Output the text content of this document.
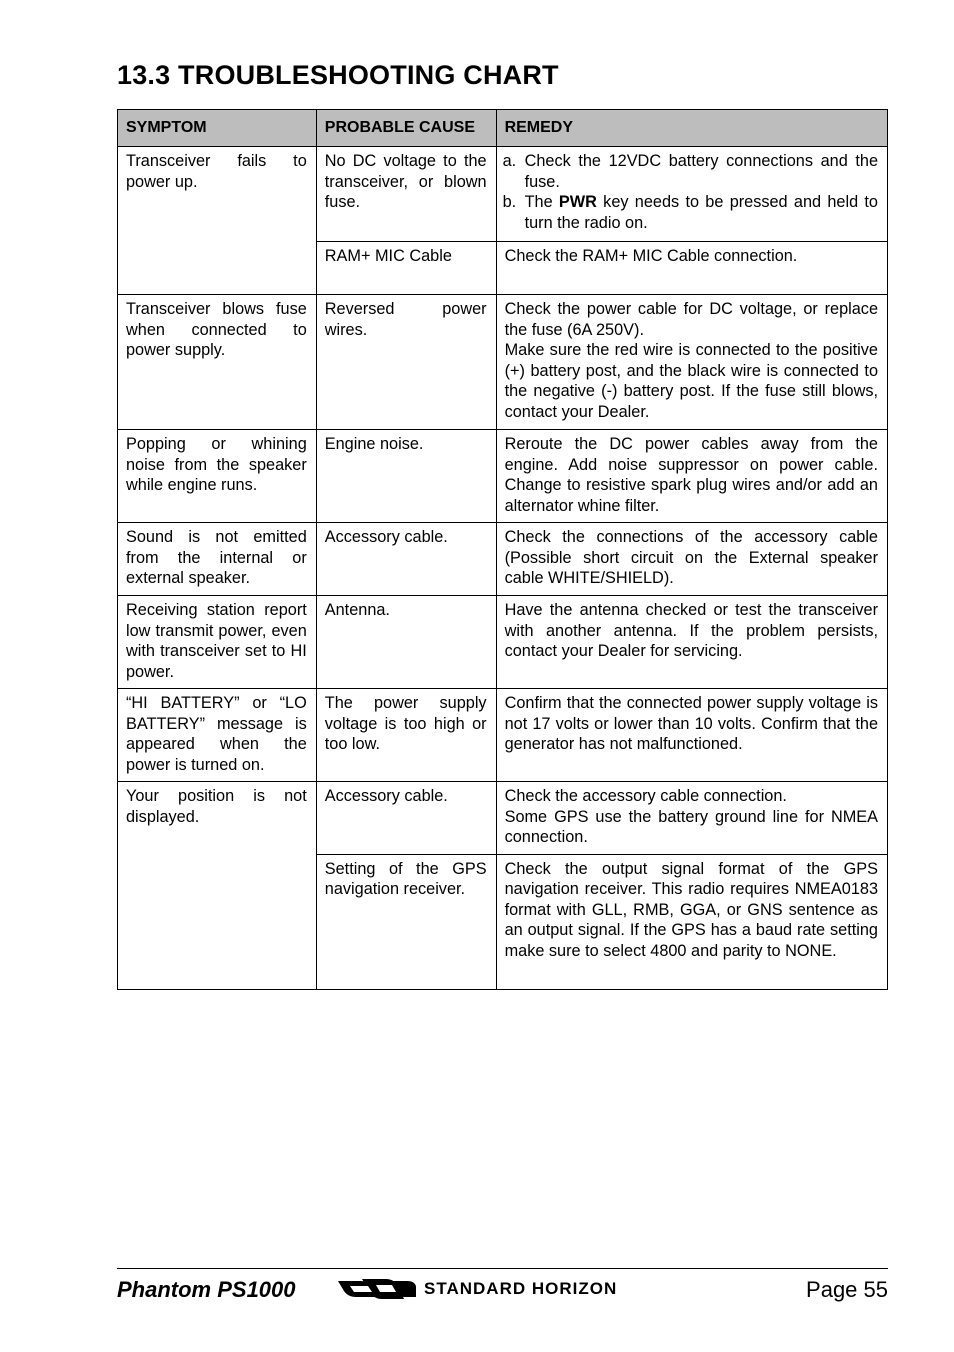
13.3 TROUBLESHOOTING CHART
SYMPTOM	PROBABLE CAUSE	REMEDY
Transceiver fails to power up.	No DC voltage to the transceiver, or blown fuse.	a. Check the 12VDC battery connections and the fuse.
b. The PWR key needs to be pressed and held to turn the radio on.

	RAM+ MIC Cable	Check the RAM+ MIC Cable connection.
Transceiver blows fuse when connected to power supply.	Reversed power wires.	Check the power cable for DC voltage, or replace the fuse (6A 250V).
Make sure the red wire is connected to the positive (+) battery post, and the black wire is connected to the negative (-) battery post. If the fuse still blows, contact your Dealer.

Popping or whining noise from the speaker while engine runs.	Engine noise.	Reroute the DC power cables away from the engine. Add noise suppressor on power cable. Change to resistive spark plug wires and/or add an alternator whine filter.
Sound is not emitted from the internal or external speaker.	Accessory cable.	Check the connections of the accessory cable (Possible short circuit on the External speaker cable WHITE/SHIELD).
Receiving station report low transmit power, even with transceiver set to HI power.	Antenna.	Have the antenna checked or test the transceiver with another antenna. If the problem persists, contact your Dealer for servicing.
“HI BATTERY” or “LO BATTERY” message is appeared when the power is turned on.	The power supply voltage is too high or too low.	Confirm that the connected power supply voltage is not 17 volts or lower than 10 volts. Confirm that the generator has not malfunctioned.
Your position is not displayed.	Accessory cable.	Check the accessory cable connection.
Some GPS use the battery ground line for NMEA connection.

	Setting of the GPS navigation receiver.	Check the output signal format of the GPS navigation receiver. This radio requires NMEA0183 format with GLL, RMB, GGA, or GNS sentence as an output signal. If the GPS has a baud rate setting make sure to select 4800 and parity to NONE.
Phantom PS1000	STANDARD HORIZON	Page 55
